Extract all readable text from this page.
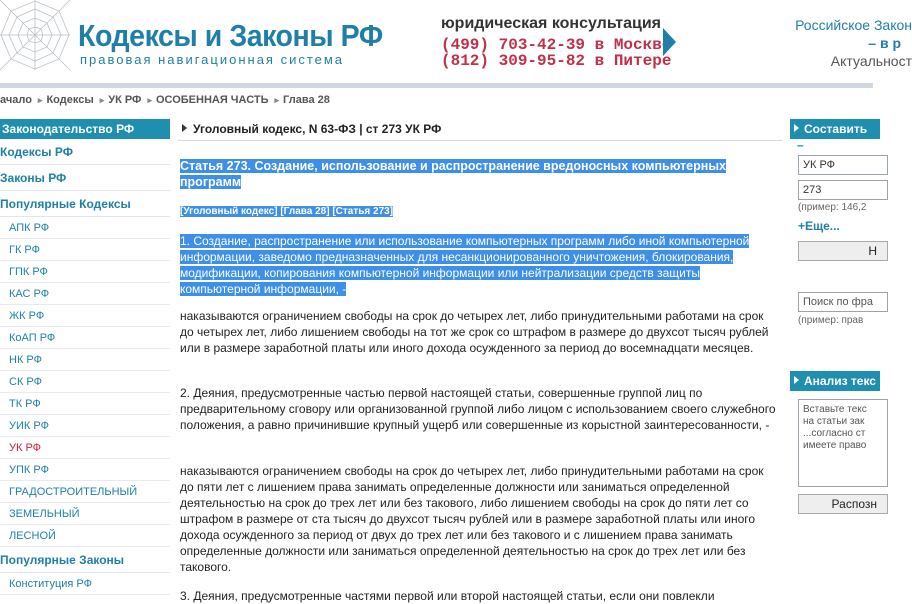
Кодексы и Законы РФ
правовая навигационная система
юридическая консультация
(499) 703-42-39 в Москве
(812) 309-95-82 в Питере
Российское Закон
– в р
Актуальност
ачало ▸ Кодексы ▸ УК РФ ▸ ОСОБЕННАЯ ЧАСТЬ ▸ Глава 28
Законодательство РФ
Кодексы РФ
Законы РФ
Популярные Кодексы
АПК РФ
ГК РФ
ГПК РФ
КАС РФ
ЖК РФ
КоАП РФ
НК РФ
СК РФ
ТК РФ
УИК РФ
УК РФ
УПК РФ
ГРАДОСТРОИТЕЛЬНЫЙ
ЗЕМЕЛЬНЫЙ
ЛЕСНОЙ
Популярные Законы
Конституция РФ
Уголовный кодекс, N 63-ФЗ | ст 273 УК РФ
Статья 273. Создание, использование и распространение вредоносных компьютерных программ
[Уголовный кодекс] [Глава 28] [Статья 273]
1. Создание, распространение или использование компьютерных программ либо иной компьютерной информации, заведомо предназначенных для несанкционированного уничтожения, блокирования, модификации, копирования компьютерной информации или нейтрализации средств защиты компьютерной информации, -
наказываются ограничением свободы на срок до четырех лет, либо принудительными работами на срок до четырех лет, либо лишением свободы на тот же срок со штрафом в размере до двухсот тысяч рублей или в размере заработной платы или иного дохода осужденного за период до восемнадцати месяцев.
2. Деяния, предусмотренные частью первой настоящей статьи, совершенные группой лиц по предварительному сговору или организованной группой либо лицом с использованием своего служебного положения, а равно причинившие крупный ущерб или совершенные из корыстной заинтересованности, -
наказываются ограничением свободы на срок до четырех лет, либо принудительными работами на срок до пяти лет с лишением права занимать определенные должности или заниматься определенной деятельностью на срок до трех лет или без такового, либо лишением свободы на срок до пяти лет со штрафом в размере от ста тысяч до двухсот тысяч рублей или в размере заработной платы или иного дохода осужденного за период от двух до трех лет или без такового и с лишением права занимать определенные должности или заниматься определенной деятельностью на срок до трех лет или без такового.
3. Деяния, предусмотренные частями первой или второй настоящей статьи, если они повлекли
Составить
–
УК РФ
273
(пример: 146,2
+Еще...
Н
Поиск по фра
(пример: прав
Анализ текс
Вставьте текс
на статьи зак
...согласно ст
имеете право
Распозн
